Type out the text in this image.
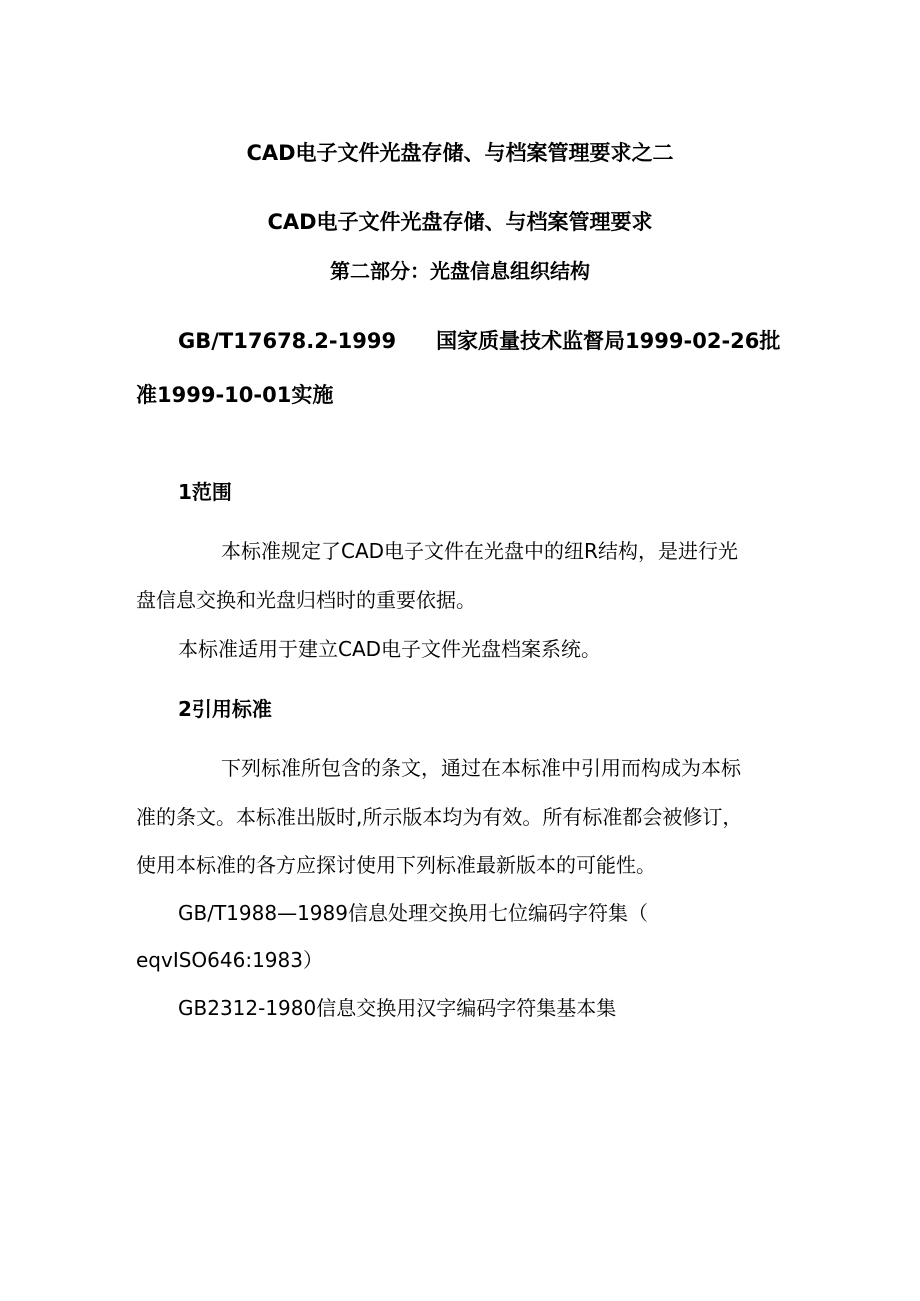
CAD电子文件光盘存储、与档案管理要求之二
CAD电子文件光盘存储、与档案管理要求
第二部分：光盘信息组织结构
GB/T17678.2-1999 国家质量技术监督局1999-02-26批
准1999-10-01实施
1范围
本标准规定了CAD电子文件在光盘中的纽R结构，是进行光
盘信息交换和光盘归档时的重要依据。
本标准适用于建立CAD电子文件光盘档案系统。
2引用标准
下列标准所包含的条文，通过在本标准中引用而构成为本标
准的条文。本标准出版时,所示版本均为有效。所有标准都会被修订，
使用本标准的各方应探讨使用下列标准最新版本的可能性。
GB/T1988—1989信息处理交换用七位编码字符集（
eqvISO646:1983）
GB2312-1980信息交换用汉字编码字符集基本集
